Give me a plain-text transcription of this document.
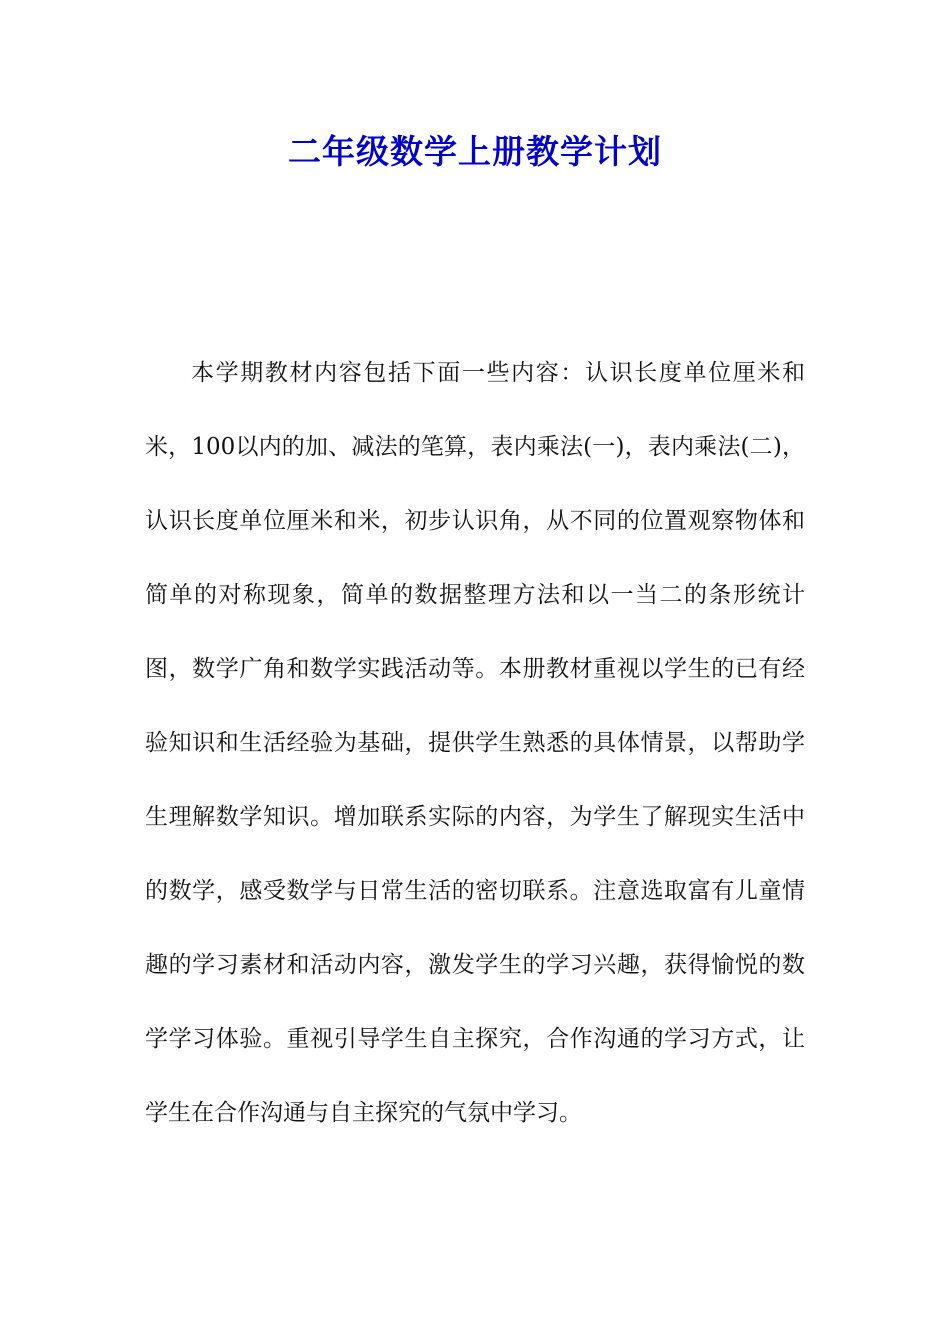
二年级数学上册教学计划

本学期教材内容包括下面一些内容：认识长度单位厘米和米，100以内的加、减法的笔算，表内乘法(一)，表内乘法(二)，认识长度单位厘米和米，初步认识角，从不同的位置观察物体和简单的对称现象，简单的数据整理方法和以一当二的条形统计图，数学广角和数学实践活动等。本册教材重视以学生的已有经验知识和生活经验为基础，提供学生熟悉的具体情景，以帮助学生理解数学知识。增加联系实际的内容，为学生了解现实生活中的数学，感受数学与日常生活的密切联系。注意选取富有儿童情趣的学习素材和活动内容，激发学生的学习兴趣，获得愉悦的数学学习体验。重视引导学生自主探究，合作沟通的学习方式，让学生在合作沟通与自主探究的气氛中学习。
